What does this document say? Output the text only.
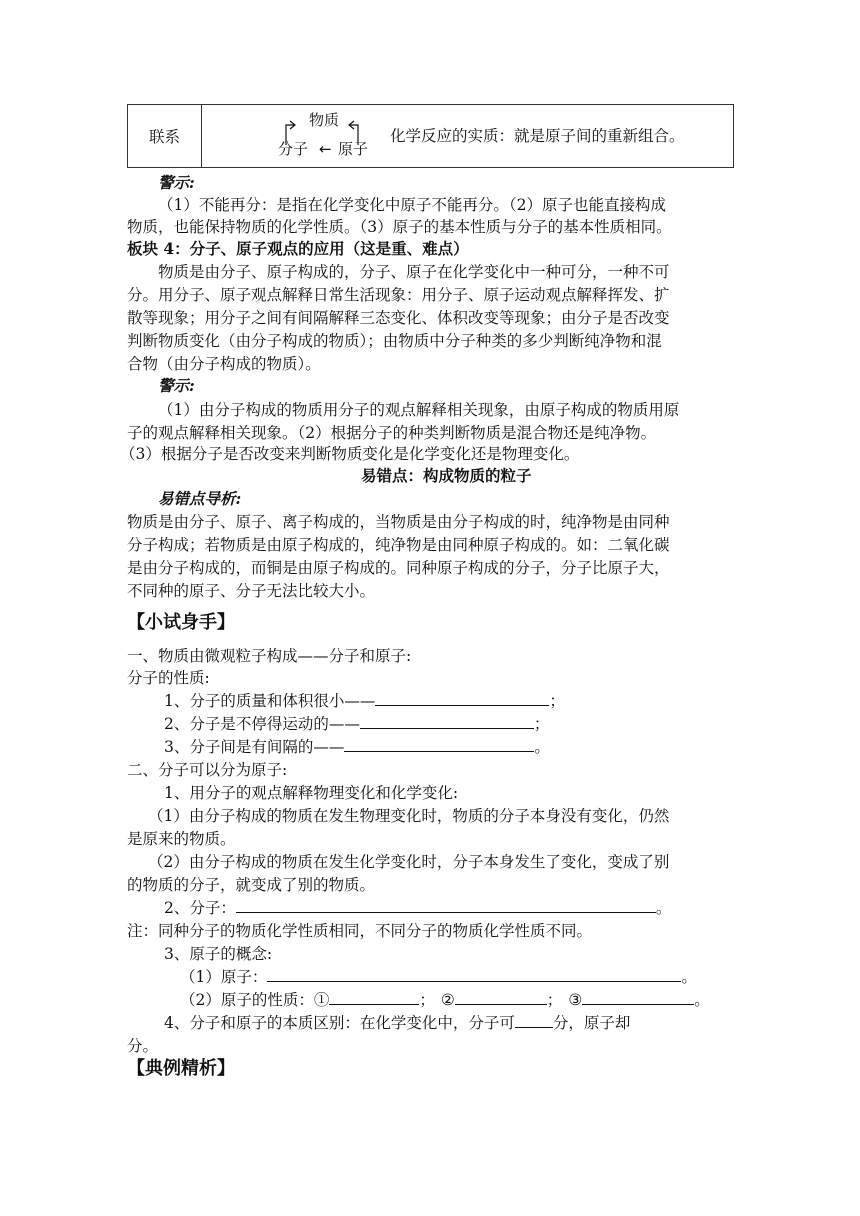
联系

物质
分子 ← 原子
化学反应的实质：就是原子间的重新组合。
警示:
（1）不能再分：是指在化学变化中原子不能再分。（2）原子也能直接构成
物质，也能保持物质的化学性质。（3）原子的基本性质与分子的基本性质相同。
板块 4：分子、原子观点的应用（这是重、难点）
物质是由分子、原子构成的，分子、原子在化学变化中一种可分，一种不可
分。用分子、原子观点解释日常生活现象：用分子、原子运动观点解释挥发、扩
散等现象；用分子之间有间隔解释三态变化、体积改变等现象；由分子是否改变
判断物质变化（由分子构成的物质）；由物质中分子种类的多少判断纯净物和混
合物（由分子构成的物质）。
警示:
（1）由分子构成的物质用分子的观点解释相关现象，由原子构成的物质用原
子的观点解释相关现象。（2）根据分子的种类判断物质是混合物还是纯净物。
（3）根据分子是否改变来判断物质变化是化学变化还是物理变化。
易错点：构成物质的粒子
易错点导析:
物质是由分子、原子、离子构成的，当物质是由分子构成的时，纯净物是由同种
分子构成；若物质是由原子构成的，纯净物是由同种原子构成的。如：二氧化碳
是由分子构成的，而铜是由原子构成的。同种原子构成的分子，分子比原子大，
不同种的原子、分子无法比较大小。
【小试身手】
一、物质由微观粒子构成——分子和原子:
分子的性质:
1、分子的质量和体积很小——	；
2、分子是不停得运动的——	；
3、分子间是有间隔的——	。
二、分子可以分为原子:
1、用分子的观点解释物理变化和化学变化:
（1）由分子构成的物质在发生物理变化时，物质的分子本身没有变化，仍然
是原来的物质。
（2）由分子构成的物质在发生化学变化时，分子本身发生了变化，变成了别
的物质的分子，就变成了别的物质。
2、分子：	。
注：同种分子的物质化学性质相同，不同分子的物质化学性质不同。
3、原子的概念:
（1）原子：	。
（2）原子的性质：①	； ②	； ③	。
4、分子和原子的本质区别：在化学变化中，分子可 分，原子却
分。
【典例精析】
